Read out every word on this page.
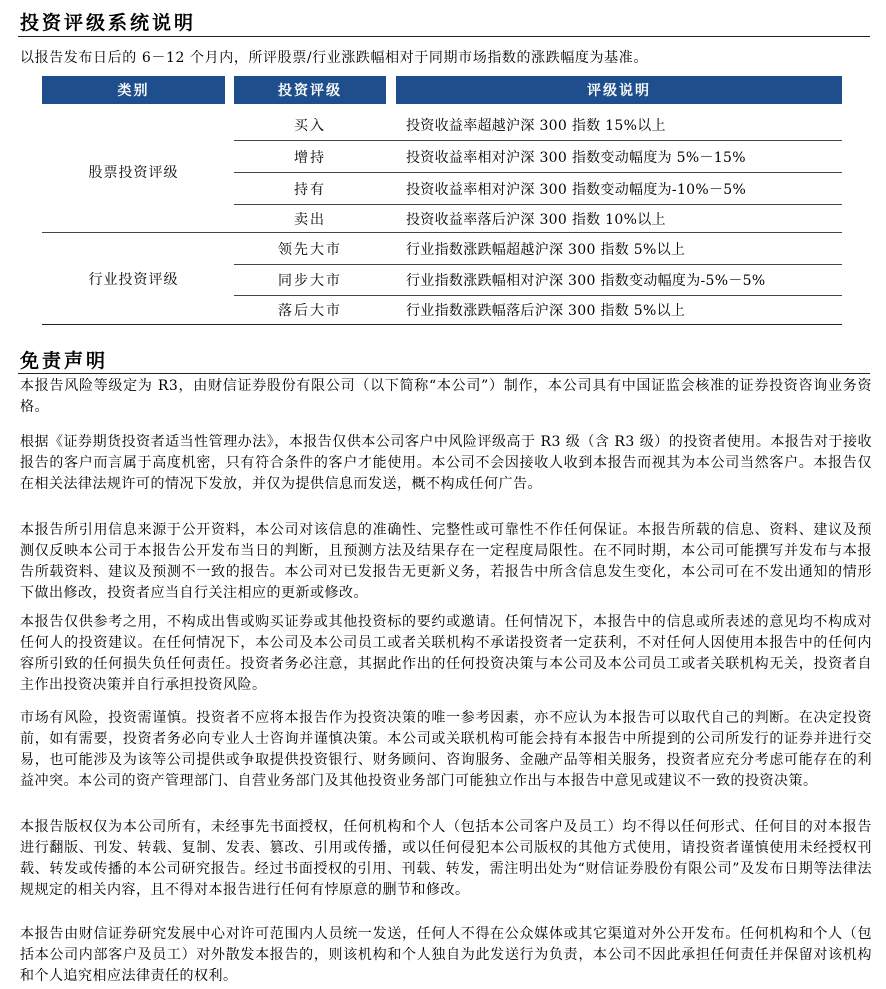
投资评级系统说明
以报告发布日后的 6－12 个月内，所评股票/行业涨跌幅相对于同期市场指数的涨跌幅度为基准。
类别	投资评级	评级说明
股票投资评级
买入	投资收益率超越沪深 300 指数 15%以上
增持	投资收益率相对沪深 300 指数变动幅度为 5%－15%
持有	投资收益率相对沪深 300 指数变动幅度为-10%－5%
卖出	投资收益率落后沪深 300 指数 10%以上
行业投资评级
领先大市	行业指数涨跌幅超越沪深 300 指数 5%以上
同步大市	行业指数涨跌幅相对沪深 300 指数变动幅度为-5%－5%
落后大市	行业指数涨跌幅落后沪深 300 指数 5%以上
免责声明

本报告风险等级定为 R3，由财信证券股份有限公司（以下简称“本公司”）制作，本公司具有中国证监会核准的证券投资咨询业务资格。

根据《证券期货投资者适当性管理办法》，本报告仅供本公司客户中风险评级高于 R3 级（含 R3 级）的投资者使用。本报告对于接收报告的客户而言属于高度机密，只有符合条件的客户才能使用。本公司不会因接收人收到本报告而视其为本公司当然客户。本报告仅在相关法律法规许可的情况下发放，并仅为提供信息而发送，概不构成任何广告。

本报告所引用信息来源于公开资料，本公司对该信息的准确性、完整性或可靠性不作任何保证。本报告所载的信息、资料、建议及预测仅反映本公司于本报告公开发布当日的判断，且预测方法及结果存在一定程度局限性。在不同时期，本公司可能撰写并发布与本报告所载资料、建议及预测不一致的报告。本公司对已发报告无更新义务，若报告中所含信息发生变化，本公司可在不发出通知的情形下做出修改，投资者应当自行关注相应的更新或修改。

本报告仅供参考之用，不构成出售或购买证券或其他投资标的要约或邀请。任何情况下，本报告中的信息或所表述的意见均不构成对任何人的投资建议。在任何情况下，本公司及本公司员工或者关联机构不承诺投资者一定获利，不对任何人因使用本报告中的任何内容所引致的任何损失负任何责任。投资者务必注意，其据此作出的任何投资决策与本公司及本公司员工或者关联机构无关，投资者自主作出投资决策并自行承担投资风险。

市场有风险，投资需谨慎。投资者不应将本报告作为投资决策的唯一参考因素，亦不应认为本报告可以取代自己的判断。在决定投资前，如有需要，投资者务必向专业人士咨询并谨慎决策。本公司或关联机构可能会持有本报告中所提到的公司所发行的证券并进行交易，也可能涉及为该等公司提供或争取提供投资银行、财务顾问、咨询服务、金融产品等相关服务，投资者应充分考虑可能存在的利益冲突。本公司的资产管理部门、自营业务部门及其他投资业务部门可能独立作出与本报告中意见或建议不一致的投资决策。

本报告版权仅为本公司所有，未经事先书面授权，任何机构和个人（包括本公司客户及员工）均不得以任何形式、任何目的对本报告进行翻版、刊发、转载、复制、发表、篡改、引用或传播，或以任何侵犯本公司版权的其他方式使用，请投资者谨慎使用未经授权刊载、转发或传播的本公司研究报告。经过书面授权的引用、刊载、转发，需注明出处为“财信证券股份有限公司”及发布日期等法律法规规定的相关内容，且不得对本报告进行任何有悖原意的删节和修改。

本报告由财信证券研究发展中心对许可范围内人员统一发送，任何人不得在公众媒体或其它渠道对外公开发布。任何机构和个人（包括本公司内部客户及员工）对外散发本报告的，则该机构和个人独自为此发送行为负责，本公司不因此承担任何责任并保留对该机构和个人追究相应法律责任的权利。
